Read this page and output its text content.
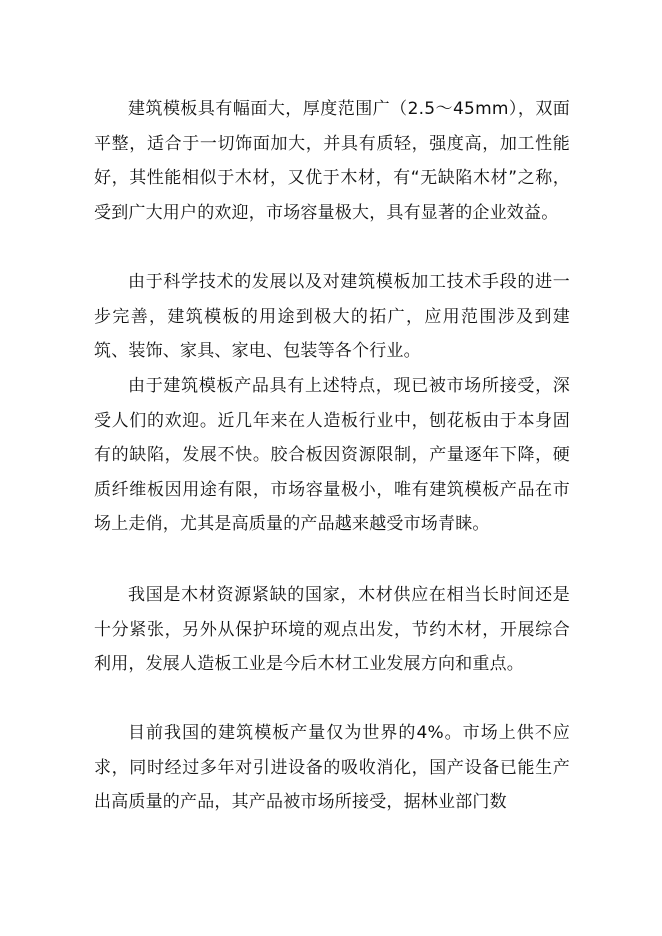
建筑模板具有幅面大，厚度范围广（2.5～45mm），双面平整，适合于一切饰面加大，并具有质轻，强度高，加工性能好，其性能相似于木材，又优于木材，有“无缺陷木材”之称，受到广大用户的欢迎，市场容量极大，具有显著的企业效益。

由于科学技术的发展以及对建筑模板加工技术手段的进一步完善，建筑模板的用途到极大的拓广，应用范围涉及到建筑、装饰、家具、家电、包装等各个行业。

由于建筑模板产品具有上述特点，现已被市场所接受，深受人们的欢迎。近几年来在人造板行业中，刨花板由于本身固有的缺陷，发展不快。胶合板因资源限制，产量逐年下降，硬质纤维板因用途有限，市场容量极小，唯有建筑模板产品在市场上走俏，尤其是高质量的产品越来越受市场青睐。

我国是木材资源紧缺的国家，木材供应在相当长时间还是十分紧张，另外从保护环境的观点出发，节约木材，开展综合利用，发展人造板工业是今后木材工业发展方向和重点。

目前我国的建筑模板产量仅为世界的4%。市场上供不应求，同时经过多年对引进设备的吸收消化，国产设备已能生产出高质量的产品，其产品被市场所接受，据林业部门数
